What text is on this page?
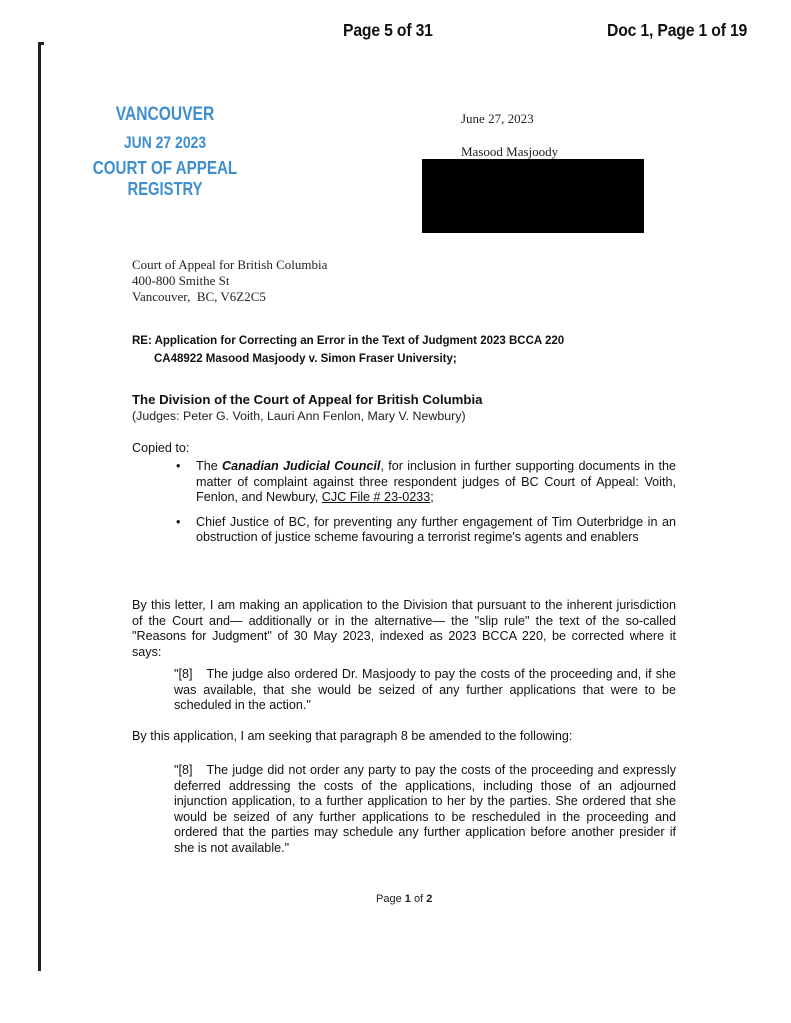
Page 5 of 31	Doc 1, Page 1 of 19
VANCOUVER
JUN 27 2023
COURT OF APPEAL
REGISTRY
June 27, 2023
Masood Masjoody
Court of Appeal for British Columbia
400-800 Smithe St
Vancouver,  BC, V6Z2C5
RE: Application for Correcting an Error in the Text of Judgment 2023 BCCA 220
CA48922 Masood Masjoody v. Simon Fraser University;
The Division of the Court of Appeal for British Columbia
(Judges: Peter G. Voith, Lauri Ann Fenlon, Mary V. Newbury)
Copied to:
• The Canadian Judicial Council, for inclusion in further supporting documents in the matter of complaint against three respondent judges of BC Court of Appeal: Voith, Fenlon, and Newbury, CJC File # 23-0233;
• Chief Justice of BC, for preventing any further engagement of Tim Outerbridge in an obstruction of justice scheme favouring a terrorist regime's agents and enablers
By this letter, I am making an application to the Division that pursuant to the inherent jurisdiction of the Court and— additionally or in the alternative— the "slip rule" the text of the so-called "Reasons for Judgment" of 30 May 2023, indexed as 2023 BCCA 220, be corrected where it says:
"[8] The judge also ordered Dr. Masjoody to pay the costs of the proceeding and, if she was available, that she would be seized of any further applications that were to be scheduled in the action."
By this application, I am seeking that paragraph 8 be amended to the following:
"[8] The judge did not order any party to pay the costs of the proceeding and expressly deferred addressing the costs of the applications, including those of an adjourned injunction application, to a further application to her by the parties. She ordered that she would be seized of any further applications to be rescheduled in the proceeding and ordered that the parties may schedule any further application before another presider if she is not available."
Page 1 of 2
